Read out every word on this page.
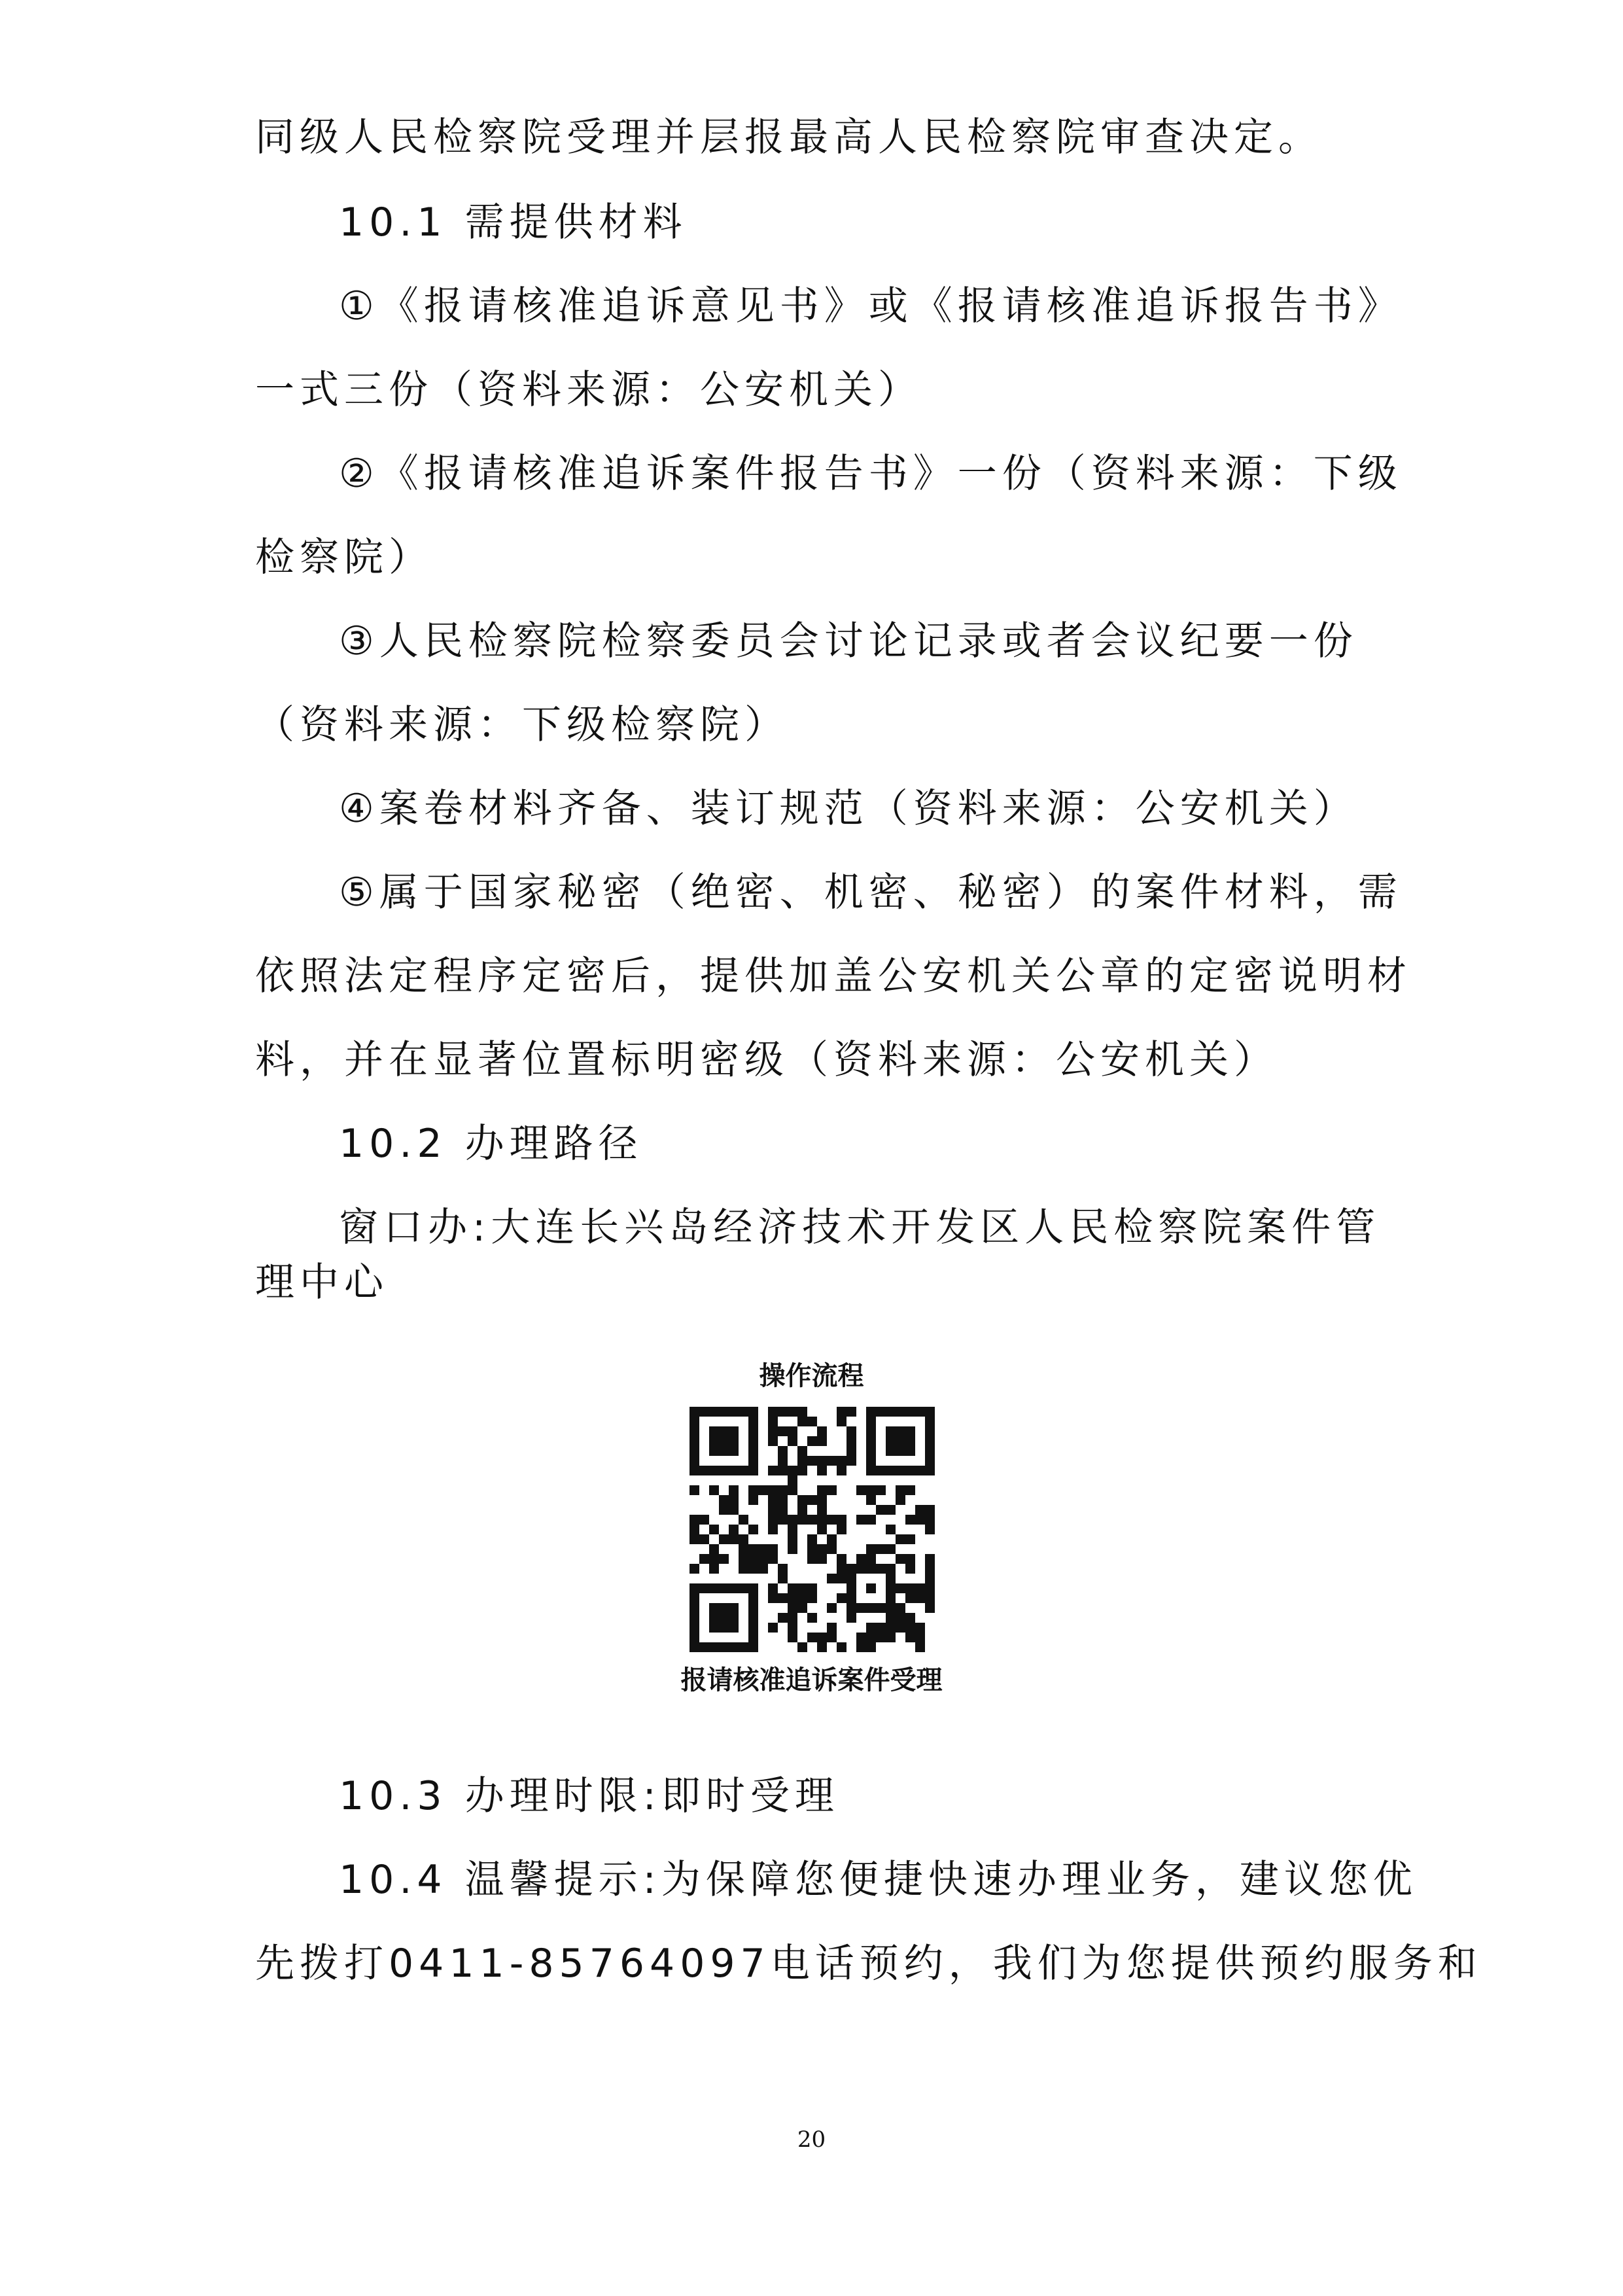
同级人民检察院受理并层报最高人民检察院审查决定。
10.1 需提供材料
①《报请核准追诉意见书》或《报请核准追诉报告书》
一式三份（资料来源：公安机关）
②《报请核准追诉案件报告书》一份（资料来源：下级
检察院）
③人民检察院检察委员会讨论记录或者会议纪要一份
（资料来源：下级检察院）
④案卷材料齐备、装订规范（资料来源：公安机关）
⑤属于国家秘密（绝密、机密、秘密）的案件材料，需
依照法定程序定密后，提供加盖公安机关公章的定密说明材
料，并在显著位置标明密级（资料来源：公安机关）
10.2 办理路径
窗口办:大连长兴岛经济技术开发区人民检察院案件管
理中心
操作流程
报请核准追诉案件受理
10.3 办理时限:即时受理
10.4 温馨提示:为保障您便捷快速办理业务，建议您优
先拨打0411-85764097电话预约，我们为您提供预约服务和
20
